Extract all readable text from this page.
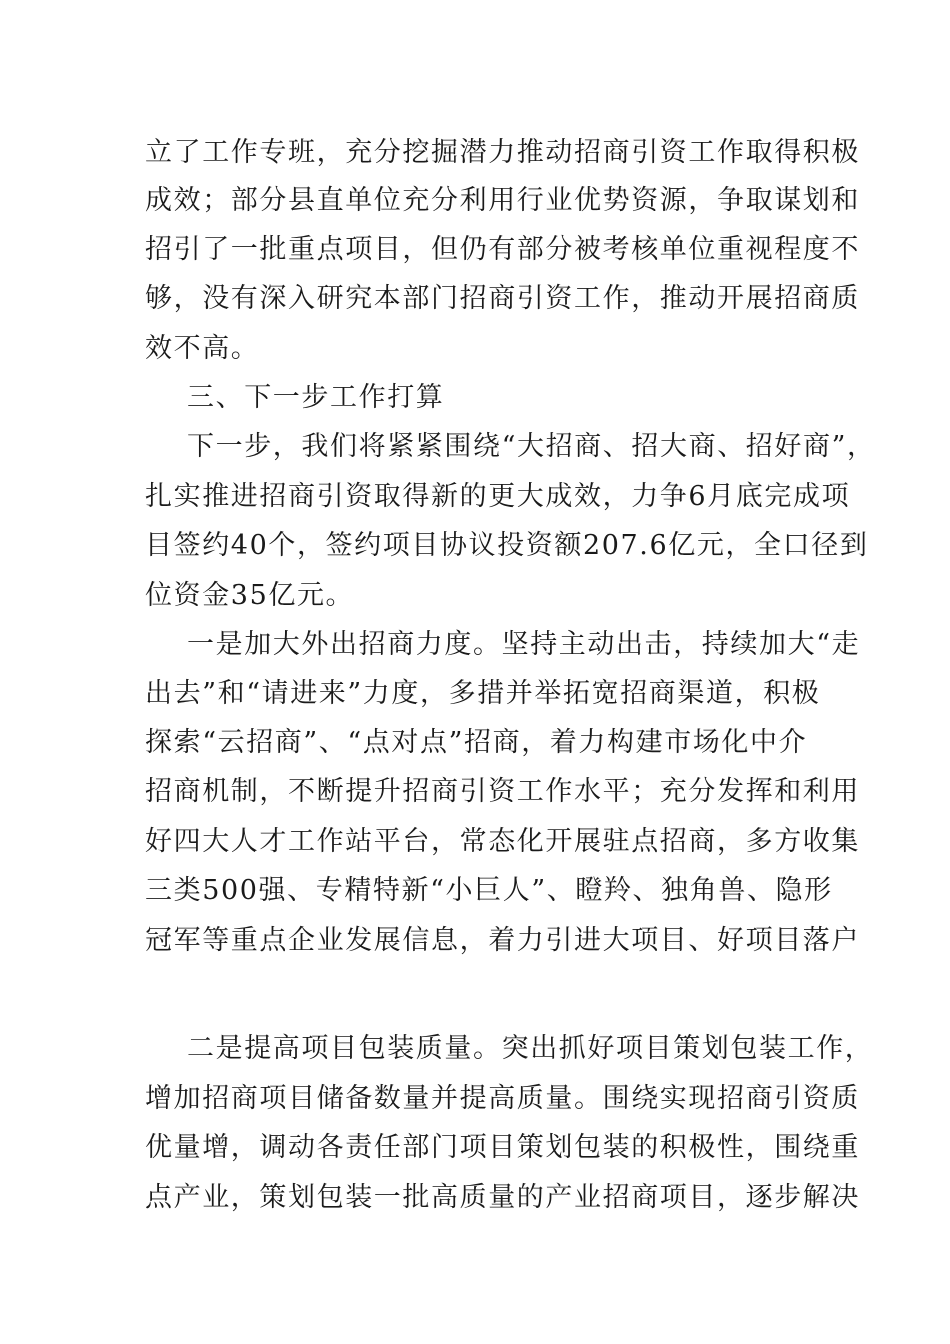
立了工作专班，充分挖掘潜力推动招商引资工作取得积极
成效；部分县直单位充分利用行业优势资源，争取谋划和
招引了一批重点项目，但仍有部分被考核单位重视程度不
够，没有深入研究本部门招商引资工作，推动开展招商质
效不高。
三、下一步工作打算
下一步，我们将紧紧围绕“大招商、招大商、招好商”，
扎实推进招商引资取得新的更大成效，力争6月底完成项
目签约40个，签约项目协议投资额207.6亿元，全口径到
位资金35亿元。
一是加大外出招商力度。坚持主动出击，持续加大“走
出去”和“请进来”力度，多措并举拓宽招商渠道，积极
探索“云招商”、“点对点”招商，着力构建市场化中介
招商机制，不断提升招商引资工作水平；充分发挥和利用
好四大人才工作站平台，常态化开展驻点招商，多方收集
三类500强、专精特新“小巨人”、瞪羚、独角兽、隐形
冠军等重点企业发展信息，着力引进大项目、好项目落户
二是提高项目包装质量。突出抓好项目策划包装工作，
增加招商项目储备数量并提高质量。围绕实现招商引资质
优量增，调动各责任部门项目策划包装的积极性，围绕重
点产业，策划包装一批高质量的产业招商项目，逐步解决
